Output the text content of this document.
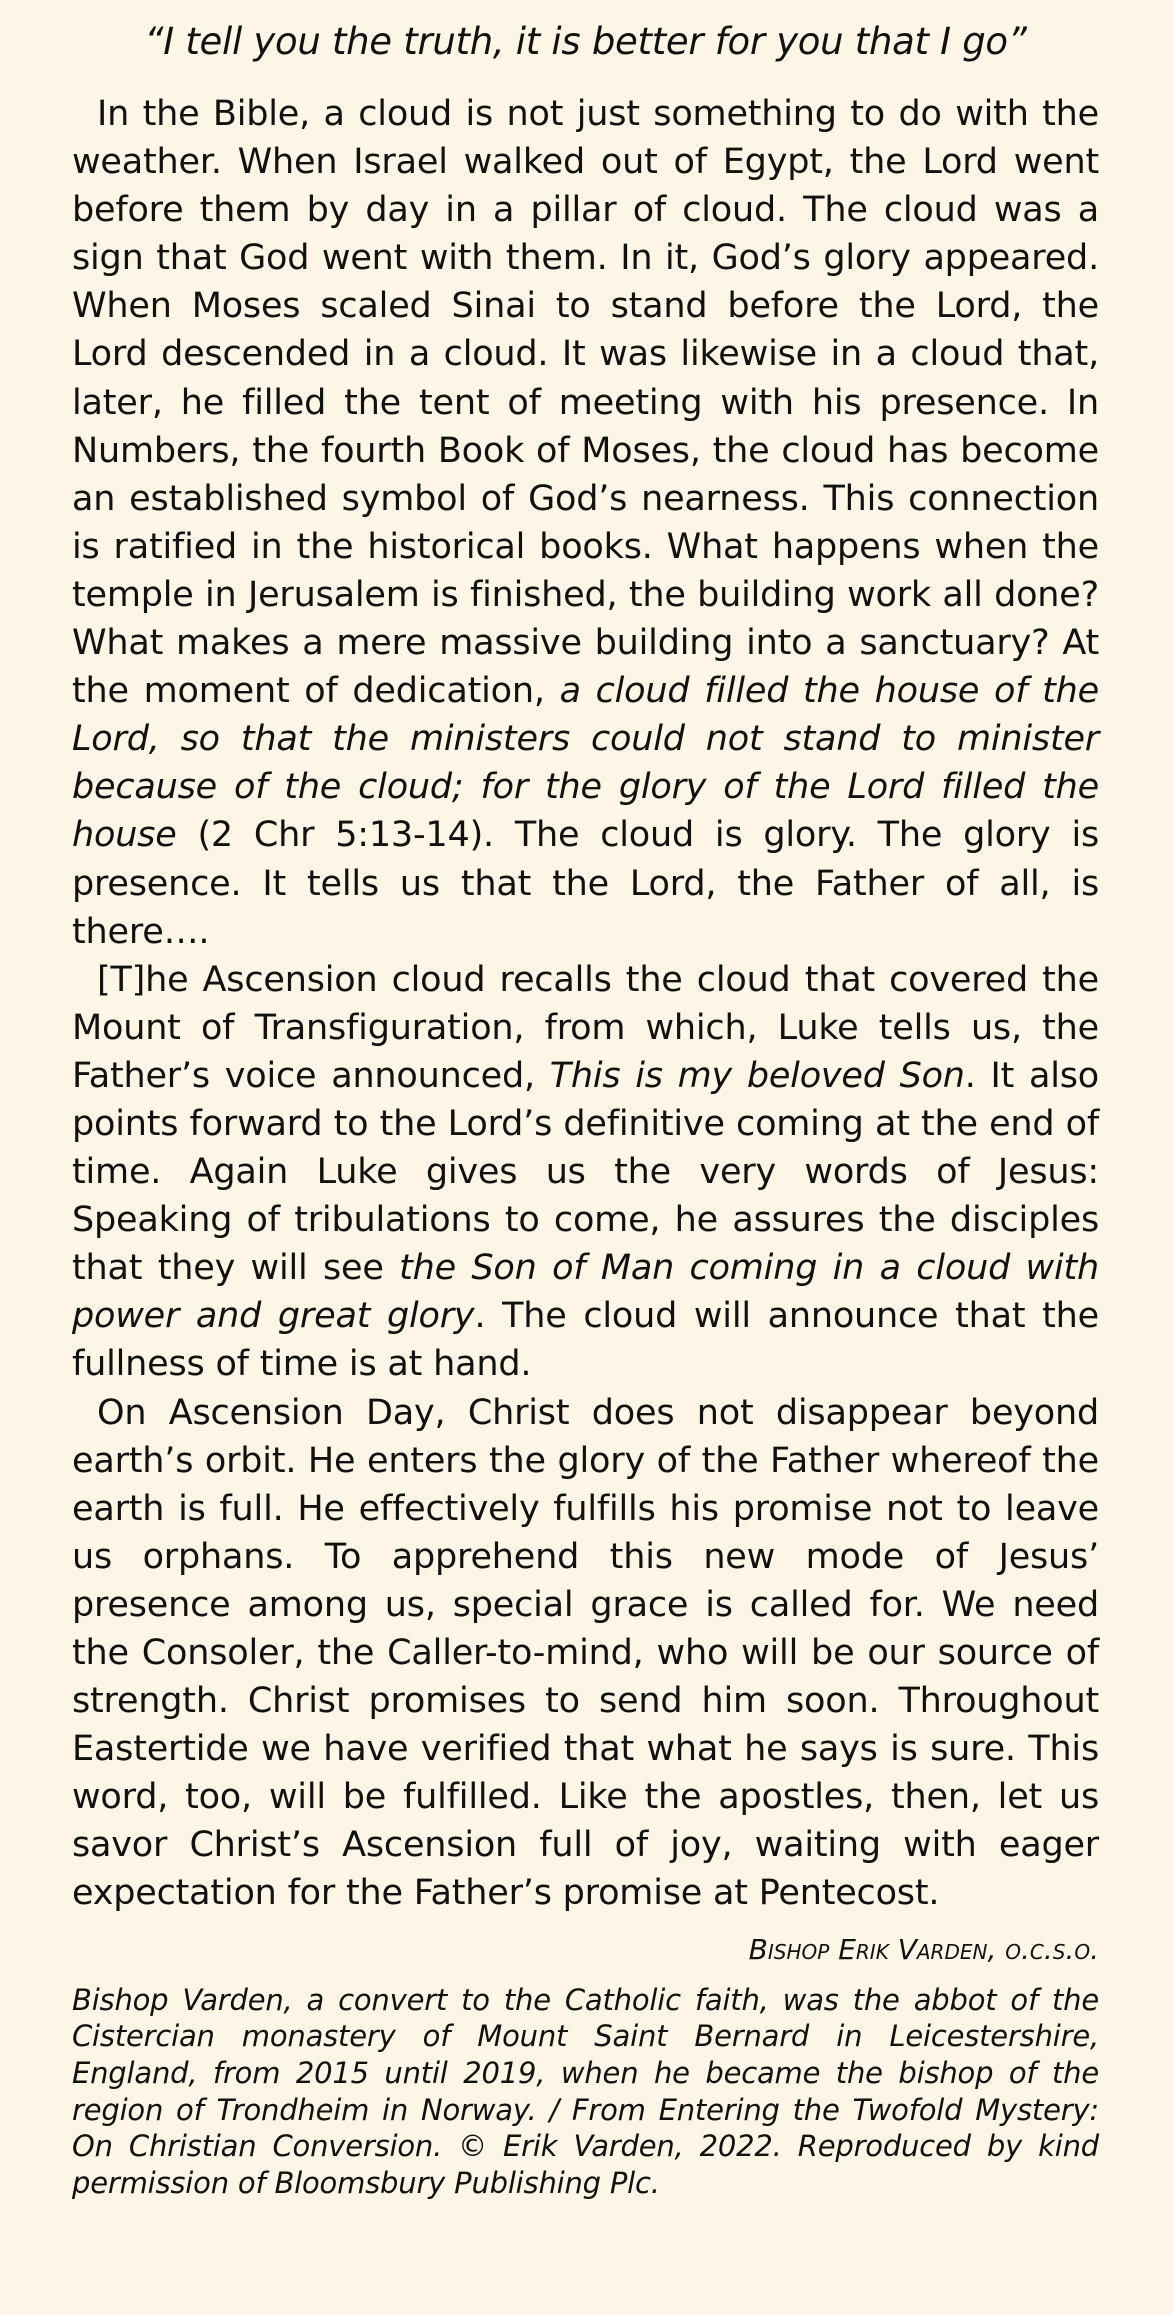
“I tell you the truth, it is better for you that I go”

In the Bible, a cloud is not just something to do with the weather. When Israel walked out of Egypt, the Lord went before them by day in a pillar of cloud. The cloud was a sign that God went with them. In it, God’s glory appeared. When Moses scaled Sinai to stand before the Lord, the Lord descended in a cloud. It was likewise in a cloud that, later, he filled the tent of meeting with his presence. In Numbers, the fourth Book of Moses, the cloud has become an established symbol of God’s nearness. This connection is ratified in the historical books. What happens when the temple in Jerusalem is finished, the building work all done? What makes a mere massive building into a sanctuary? At the moment of dedication, a cloud filled the house of the Lord, so that the ministers could not stand to minister because of the cloud; for the glory of the Lord filled the house (2 Chr 5:13-14). The cloud is glory. The glory is presence. It tells us that the Lord, the Father of all, is there….

[T]he Ascension cloud recalls the cloud that covered the Mount of Transfiguration, from which, Luke tells us, the Father’s voice announced, This is my beloved Son. It also points forward to the Lord’s definitive coming at the end of time. Again Luke gives us the very words of Jesus: Speaking of tribulations to come, he assures the disciples that they will see the Son of Man coming in a cloud with power and great glory. The cloud will announce that the fullness of time is at hand.

On Ascension Day, Christ does not disappear beyond earth’s orbit. He enters the glory of the Father whereof the earth is full. He effectively fulfills his promise not to leave us orphans. To apprehend this new mode of Jesus’ presence among us, special grace is called for. We need the Consoler, the Caller-to-mind, who will be our source of strength. Christ promises to send him soon. Throughout Eastertide we have verified that what he says is sure. This word, too, will be fulfilled. Like the apostles, then, let us savor Christ’s Ascension full of joy, waiting with eager expectation for the Father’s promise at Pentecost.

Bishop Erik Varden, o.c.s.o.
Bishop Varden, a convert to the Catholic faith, was the abbot of the Cistercian monastery of Mount Saint Bernard in Leicestershire, England, from 2015 until 2019, when he became the bishop of the region of Trondheim in Norway. / From Entering the Twofold Mystery: On Christian Conversion. © Erik Varden, 2022. Reproduced by kind permission of Bloomsbury Publishing Plc.
